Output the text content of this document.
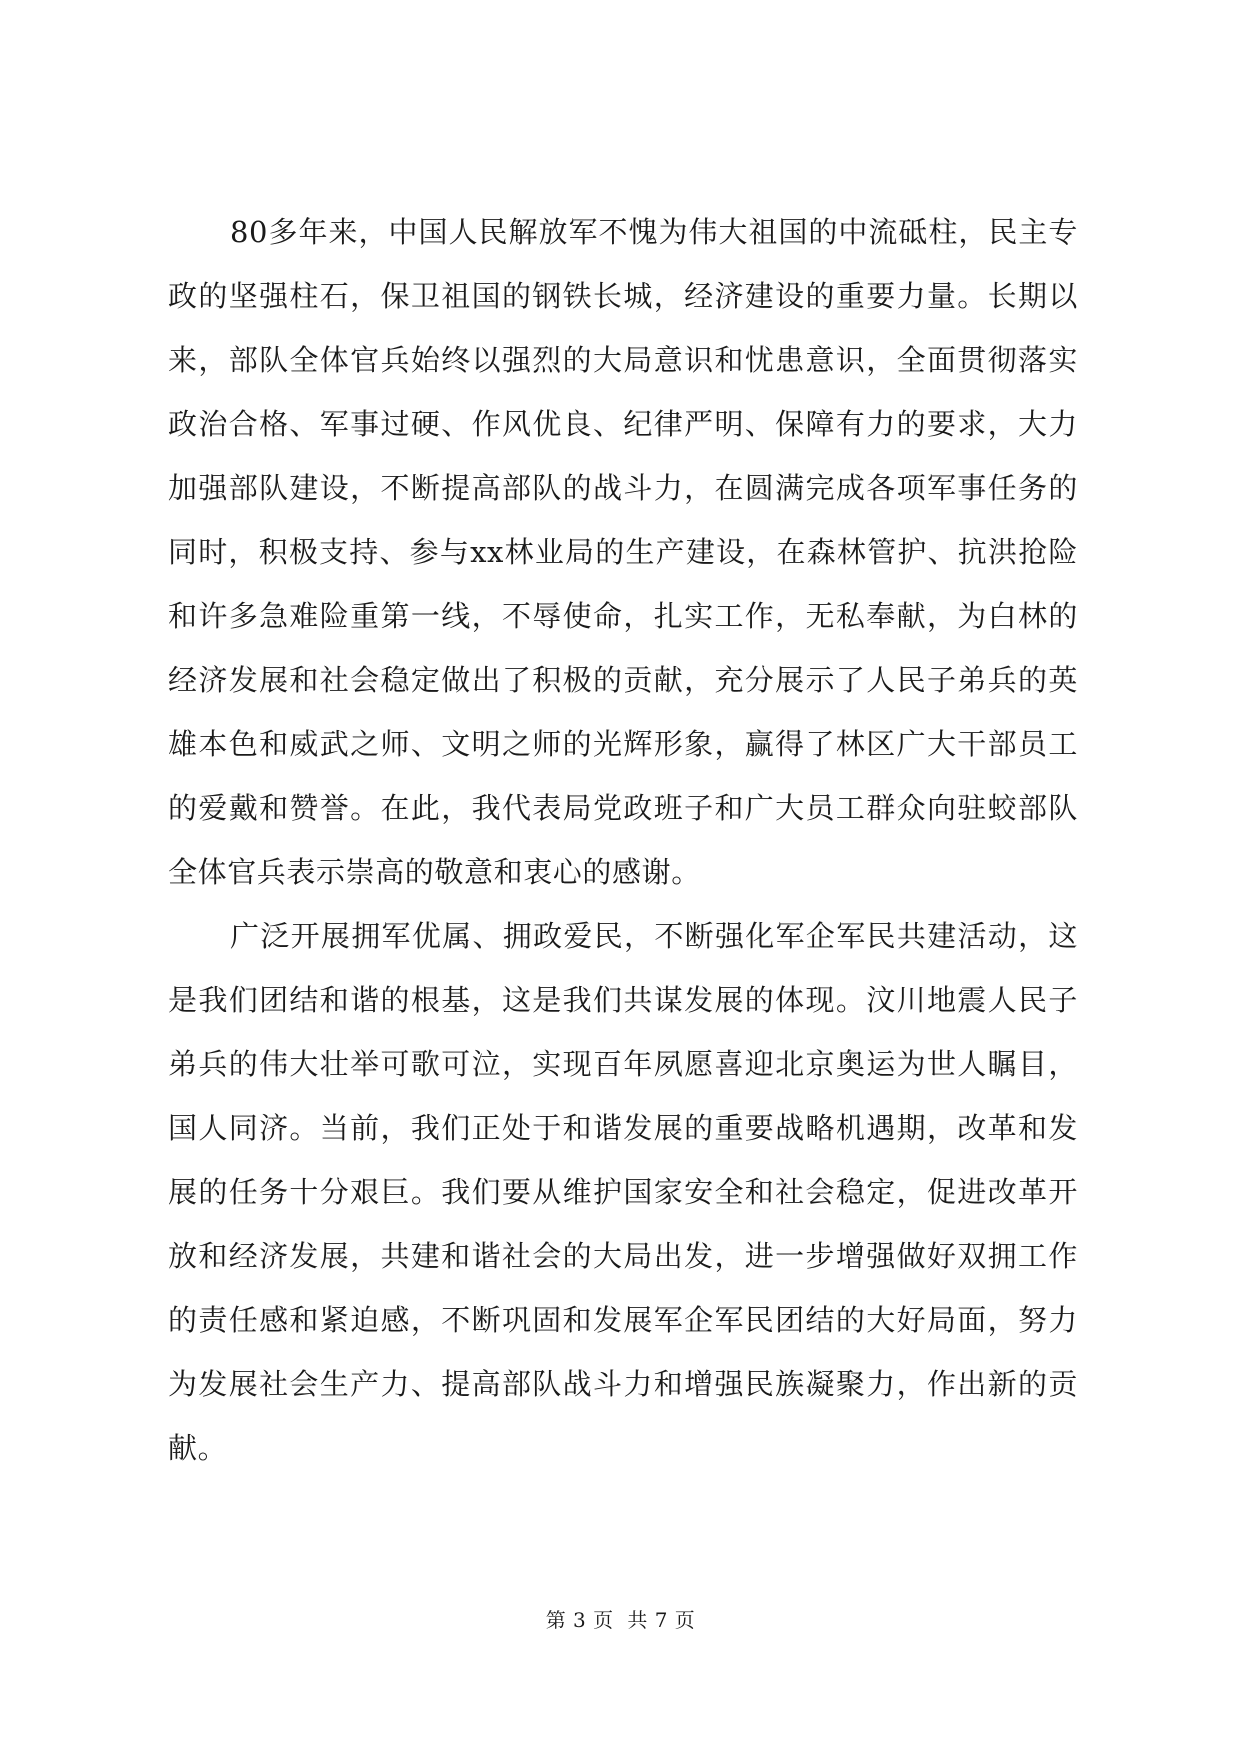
80多年来，中国人民解放军不愧为伟大祖国的中流砥柱，民主专政的坚强柱石，保卫祖国的钢铁长城，经济建设的重要力量。长期以来，部队全体官兵始终以强烈的大局意识和忧患意识，全面贯彻落实政治合格、军事过硬、作风优良、纪律严明、保障有力的要求，大力加强部队建设，不断提高部队的战斗力，在圆满完成各项军事任务的同时，积极支持、参与xx林业局的生产建设，在森林管护、抗洪抢险和许多急难险重第一线，不辱使命，扎实工作，无私奉献，为白林的经济发展和社会稳定做出了积极的贡献，充分展示了人民子弟兵的英雄本色和威武之师、文明之师的光辉形象，赢得了林区广大干部员工的爱戴和赞誉。在此，我代表局党政班子和广大员工群众向驻蛟部队全体官兵表示崇高的敬意和衷心的感谢。

广泛开展拥军优属、拥政爱民，不断强化军企军民共建活动，这是我们团结和谐的根基，这是我们共谋发展的体现。汶川地震人民子弟兵的伟大壮举可歌可泣，实现百年夙愿喜迎北京奥运为世人瞩目，国人同济。当前，我们正处于和谐发展的重要战略机遇期，改革和发展的任务十分艰巨。我们要从维护国家安全和社会稳定，促进改革开放和经济发展，共建和谐社会的大局出发，进一步增强做好双拥工作的责任感和紧迫感，不断巩固和发展军企军民团结的大好局面，努力为发展社会生产力、提高部队战斗力和增强民族凝聚力，作出新的贡献。

第 3 页  共 7 页
